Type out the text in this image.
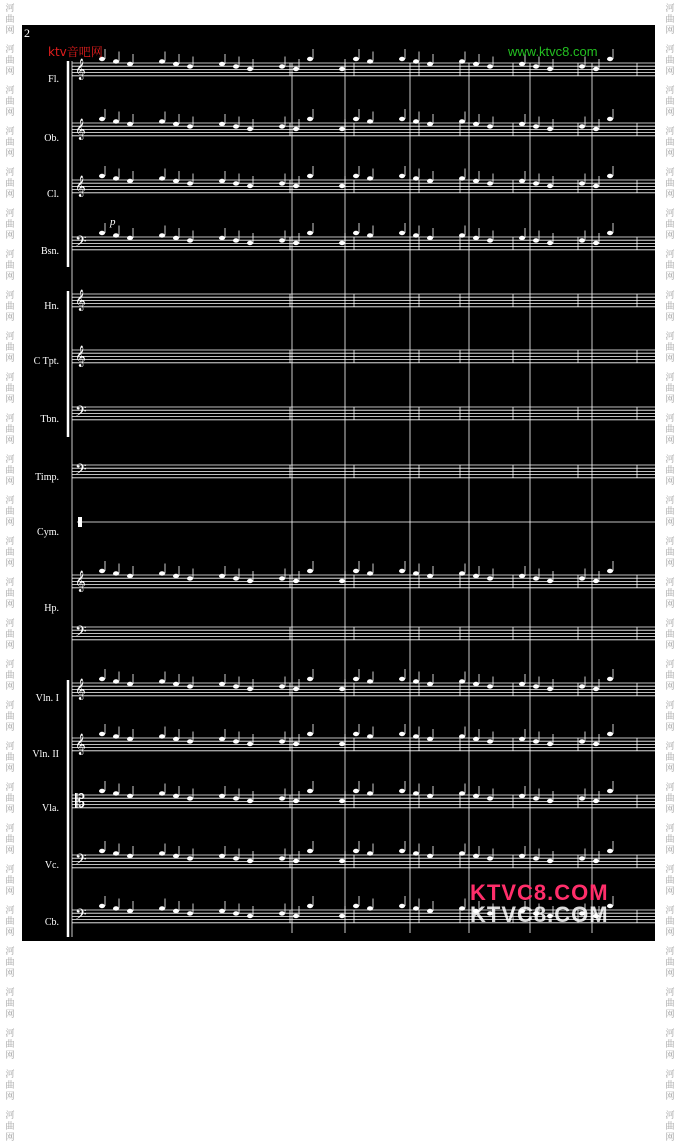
河
曲
网
河
曲
网
河
曲
网
河
曲
网
河
曲
网
河
曲
网
河
曲
网
河
曲
网
河
曲
网
河
曲
网
河
曲
网
河
曲
网
河
曲
网
河
曲
网
河
曲
网
河
曲
网
河
曲
网
河
曲
网
河
曲
网
河
曲
网
河
曲
网
河
曲
网
河
曲
网
河
曲
网
河
曲
网
河
曲
网
河
曲
网
河
曲
网
河
曲
网
河
曲
网
河
曲
网
河
曲
网
河
曲
网
河
曲
网
河
曲
网
河
曲
网
河
曲
网
河
曲
网
河
曲
网
河
曲
网
河
曲
网
河
曲
网
河
曲
网
河
曲
网
河
曲
网
河
曲
网
河
曲
网
河
曲
网
河
曲
网
河
曲
网
河
曲
网
河
曲
网
河
曲
网
河
曲
网
河
曲
网
河
曲
网
𝄞
𝄞
𝄞
𝄢
𝄞
𝄞
𝄢
𝄢
𝄞
𝄢
𝄞
𝄞
𝄡
𝄢
𝄢
p
2
ktv音吧网	www.ktvc8.com
KTVC8.COM
KTVC8.COM
Fl.
Ob.
Cl.
Bsn.
Hn.
C Tpt.
Tbn.
Timp.
Cym.
Hp.
Vln. I
Vln. II
Vla.
Vc.
Cb.
